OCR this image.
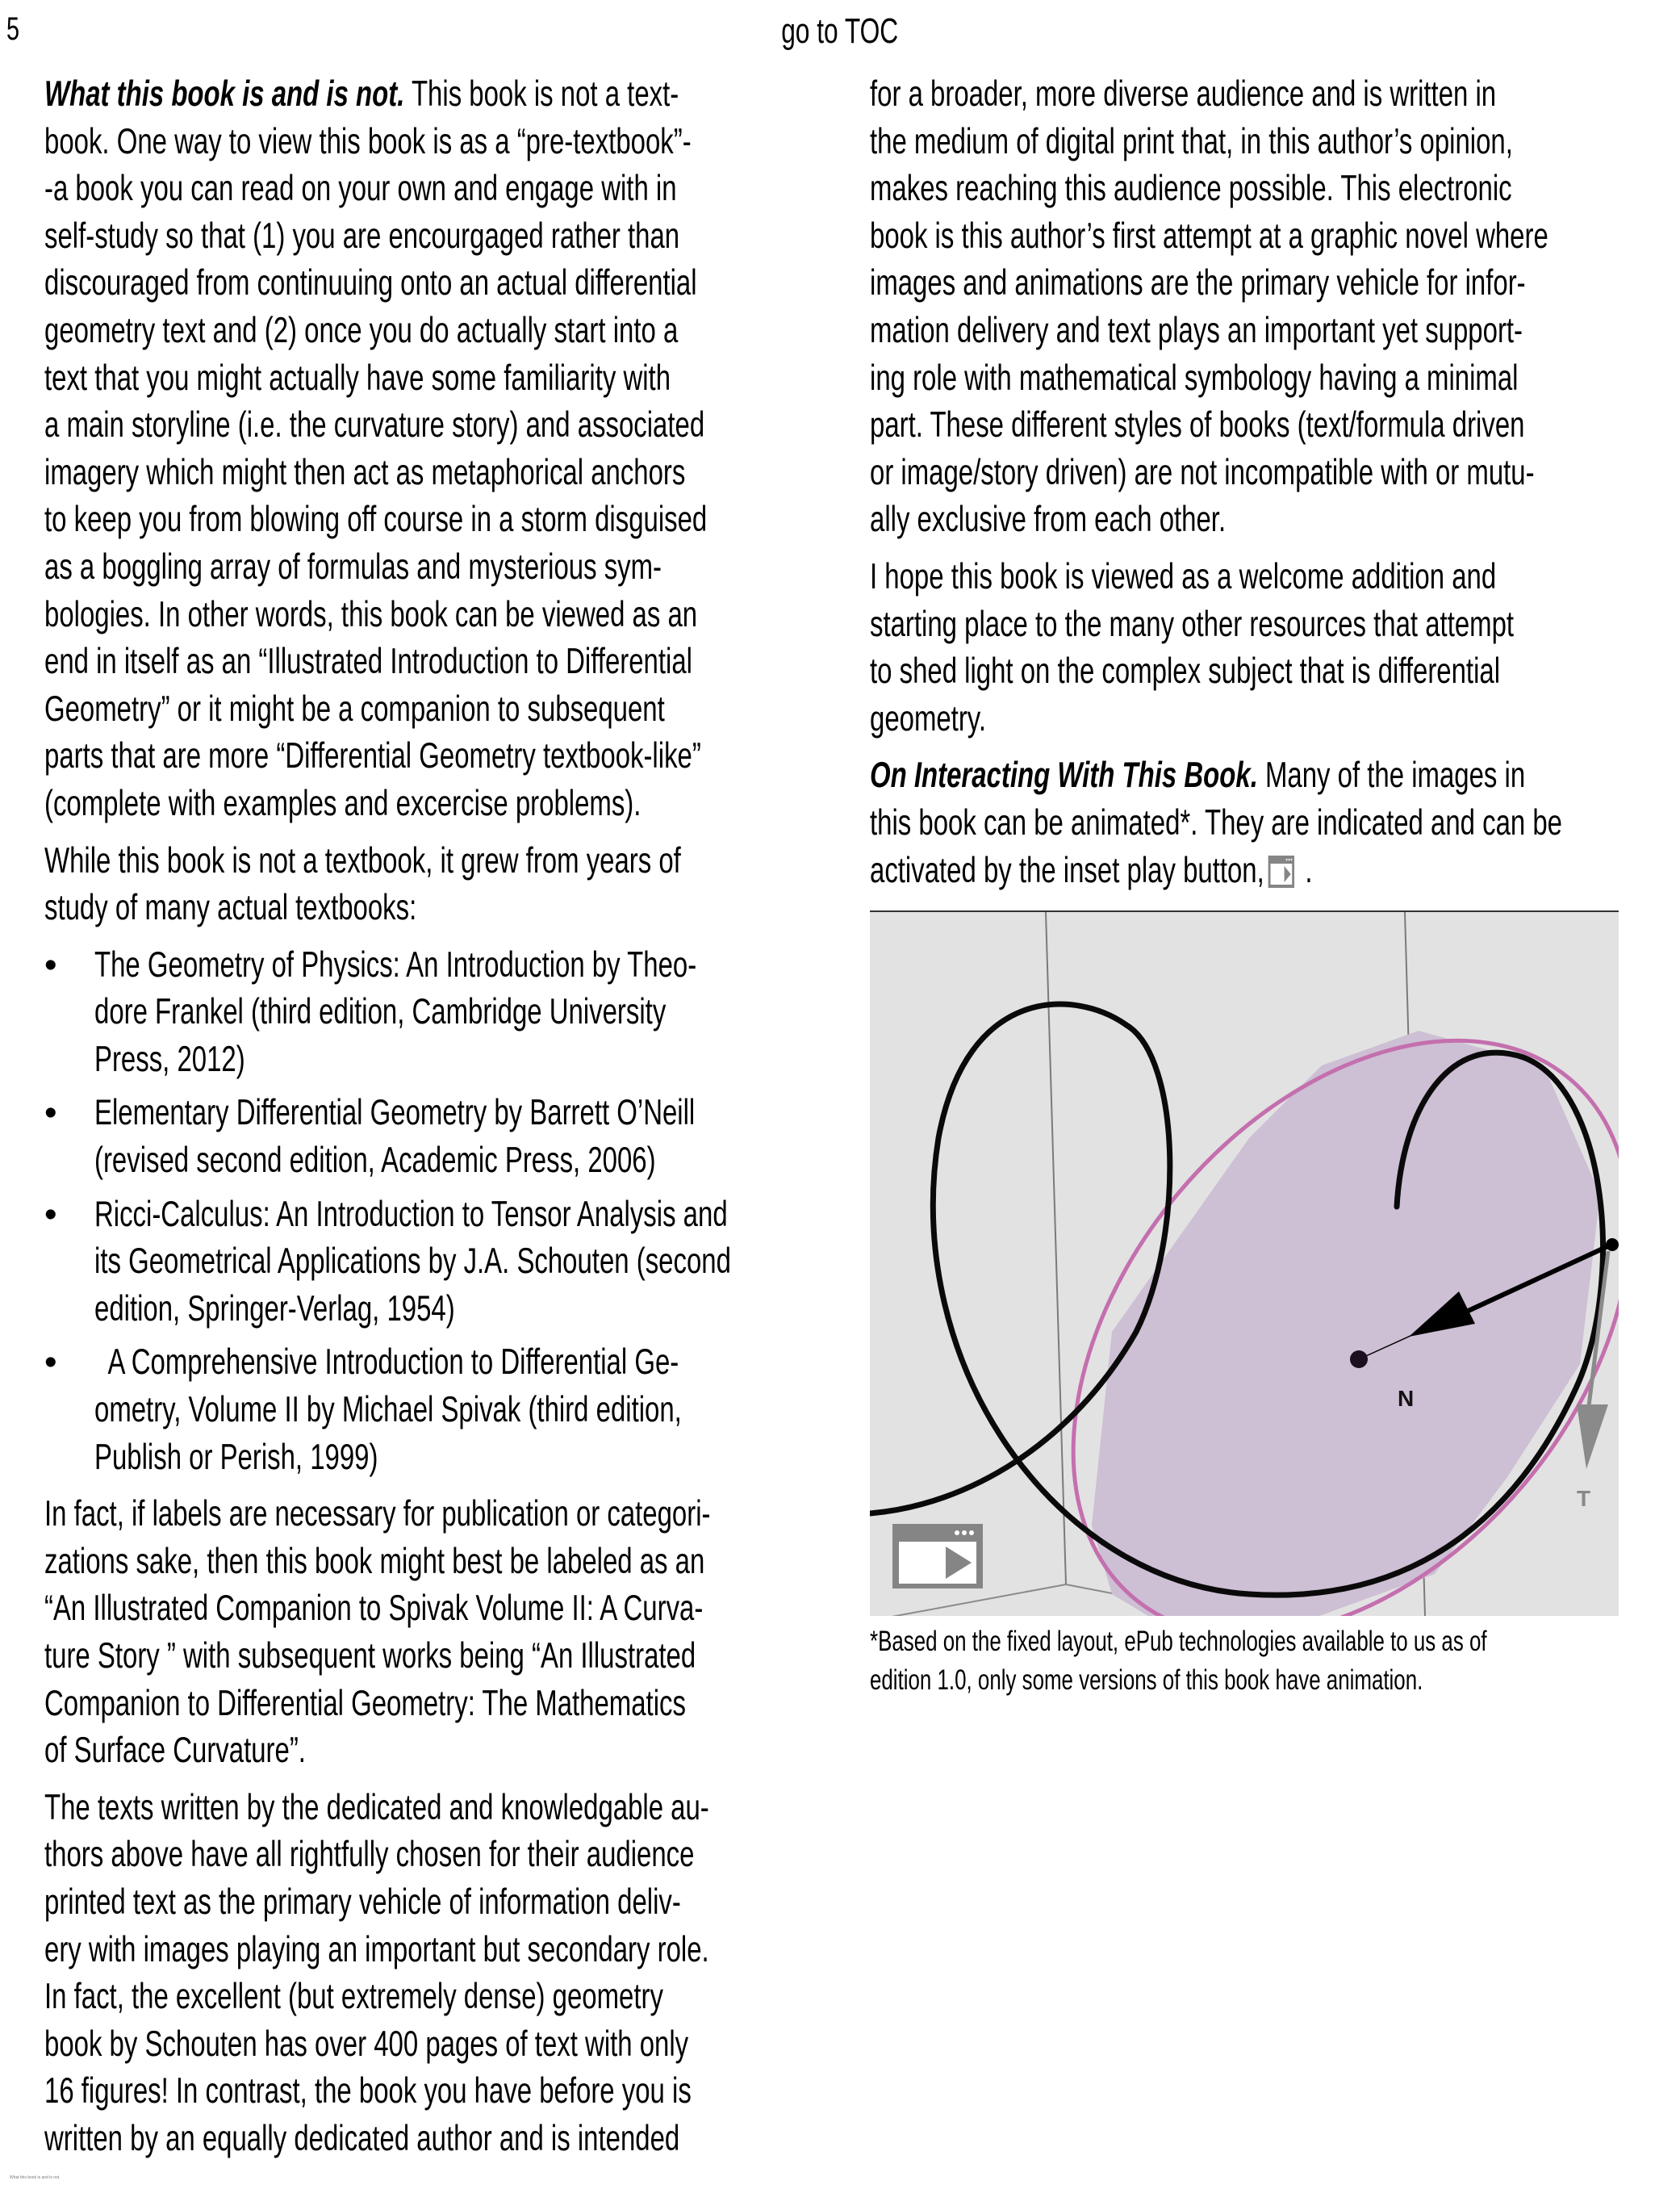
5	go to TOC
What this book is and is not. This book is not a text-
book. One way to view this book is as a “pre-textbook”-
-a book you can read on your own and engage with in
self-study so that (1) you are encourgaged rather than
discouraged from continuuing onto an actual differential
geometry text and (2) once you do actually start into a
text that you might actually have some familiarity with
a main storyline (i.e. the curvature story) and associated
imagery which might then act as metaphorical anchors
to keep you from blowing off course in a storm disguised
as a boggling array of formulas and mysterious sym-
bologies. In other words, this book can be viewed as an
end in itself as an “Illustrated Introduction to Differential
Geometry” or it might be a companion to subsequent
parts that are more “Differential Geometry textbook-like”
(complete with examples and excercise problems).
While this book is not a textbook, it grew from years of
study of many actual textbooks:
• The Geometry of Physics: An Introduction by Theo-
dore Frankel (third edition, Cambridge University
Press, 2012)
• Elementary Differential Geometry by Barrett O’Neill
(revised second edition, Academic Press, 2006)
• Ricci-Calculus: An Introduction to Tensor Analysis and
its Geometrical Applications by J.A. Schouten (second
edition, Springer-Verlag, 1954)
• A Comprehensive Introduction to Differential Ge-
ometry, Volume II by Michael Spivak (third edition,
Publish or Perish, 1999)
In fact, if labels are necessary for publication or categori-
zations sake, then this book might best be labeled as an
“An Illustrated Companion to Spivak Volume II: A Curva-
ture Story ” with subsequent works being “An Illustrated
Companion to Differential Geometry: The Mathematics
of Surface Curvature”.
The texts written by the dedicated and knowledgable au-
thors above have all rightfully chosen for their audience
printed text as the primary vehicle of information deliv-
ery with images playing an important but secondary role.
In fact, the excellent (but extremely dense) geometry
book by Schouten has over 400 pages of text with only
16 figures! In contrast, the book you have before you is
written by an equally dedicated author and is intended
for a broader, more diverse audience and is written in
the medium of digital print that, in this author’s opinion,
makes reaching this audience possible. This electronic
book is this author’s first attempt at a graphic novel where
images and animations are the primary vehicle for infor-
mation delivery and text plays an important yet support-
ing role with mathematical symbology having a minimal
part. These different styles of books (text/formula driven
or image/story driven) are not incompatible with or mutu-
ally exclusive from each other.
I hope this book is viewed as a welcome addition and
starting place to the many other resources that attempt
to shed light on the complex subject that is differential
geometry.
On Interacting With This Book. Many of the images in
this book can be animated*. They are indicated and can be
activated by the inset play button, .
N
T
*Based on the fixed layout, ePub technologies available to us as of
edition 1.0, only some versions of this book have animation.
What this book is and is not.
